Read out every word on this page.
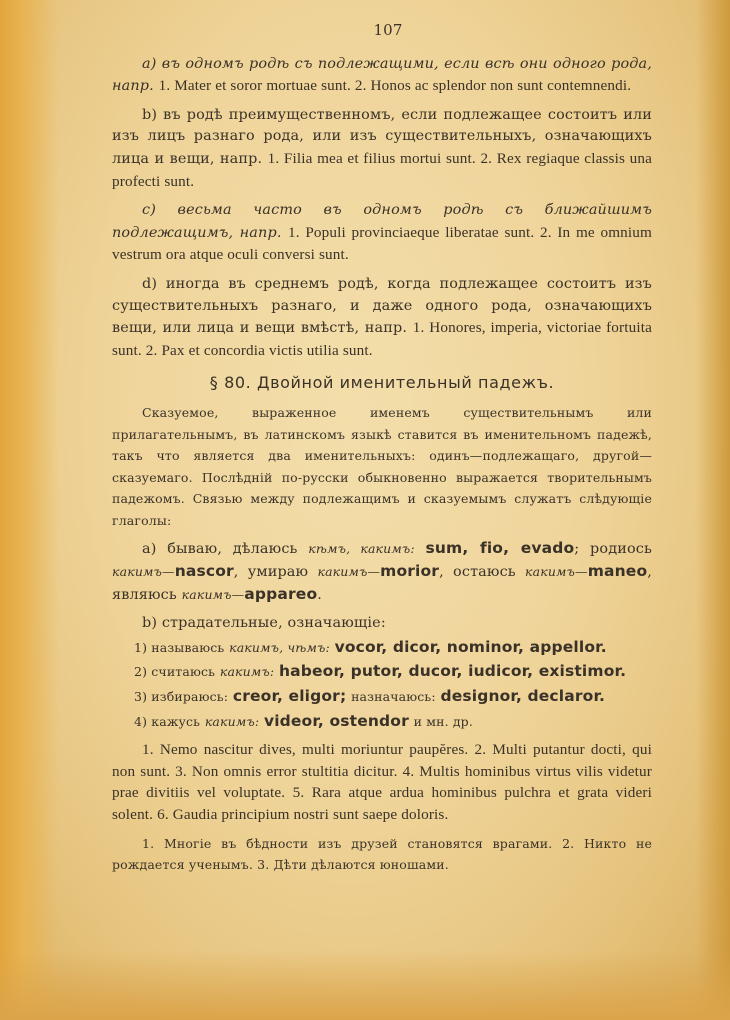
107

а) въ одномъ родѣ съ подлежащими, если всѣ они одного рода, напр. 1. Mater et soror mortuae sunt. 2. Honos ac splendor non sunt contemnendi.

b) въ родѣ преимущественномъ, если подлежащее состоитъ или изъ лицъ разнаго рода, или изъ существительныхъ, означающихъ лица и вещи, напр. 1. Filia mea et filius mortui sunt. 2. Rex regiaque classis una profecti sunt.

c) весьма часто въ одномъ родѣ съ ближайшимъ подлежащимъ, напр. 1. Populi provinciaeque liberatae sunt. 2. In me omnium vestrum ora atque oculi conversi sunt.

d) иногда въ среднемъ родѣ, когда подлежащее состоитъ изъ существительныхъ разнаго, и даже одного рода, означающихъ вещи, или лица и вещи вмѣстѣ, напр. 1. Honores, imperia, victoriae fortuita sunt. 2. Pax et concordia victis utilia sunt.

§ 80. Двойной именительный падежъ.

Сказуемое, выраженное именемъ существительнымъ или прилагательнымъ, въ латинскомъ языкѣ ставится въ именительномъ падежѣ, такъ что является два именительныхъ: одинъ—подлежащаго, другой—сказуемаго. Послѣдній по-русски обыкновенно выражается творительнымъ падежомъ. Связью между подлежащимъ и сказуемымъ служатъ слѣдующіе глаголы:

а) бываю, дѣлаюсь кѣмъ, какимъ: sum, fio, evado; родиось какимъ—nascor, умираю какимъ—morior, остаюсь какимъ—maneo, являюсь какимъ—appareo.

b) страдательные, означающіе:

1) называюсь какимъ, чѣмъ: vocor, dicor, nominor, appellor.
2) считаюсь какимъ: habeor, putor, ducor, iudicor, existimor.
3) избираюсь: creor, eligor; назначаюсь: designor, declaror.
4) кажусь какимъ: videor, ostendor и мн. др.

1. Nemo nascitur dives, multi moriuntur paupĕres. 2. Multi putantur docti, qui non sunt. 3. Non omnis error stultitia dicitur. 4. Multis hominibus virtus vilis videtur prae divitiis vel voluptate. 5. Rara atque ardua hominibus pulchra et grata videri solent. 6. Gaudia principium nostri sunt saepe doloris.

1. Многіе въ бѣдности изъ друзей становятся врагами. 2. Никто не рождается ученымъ. 3. Дѣти дѣлаются юношами.
